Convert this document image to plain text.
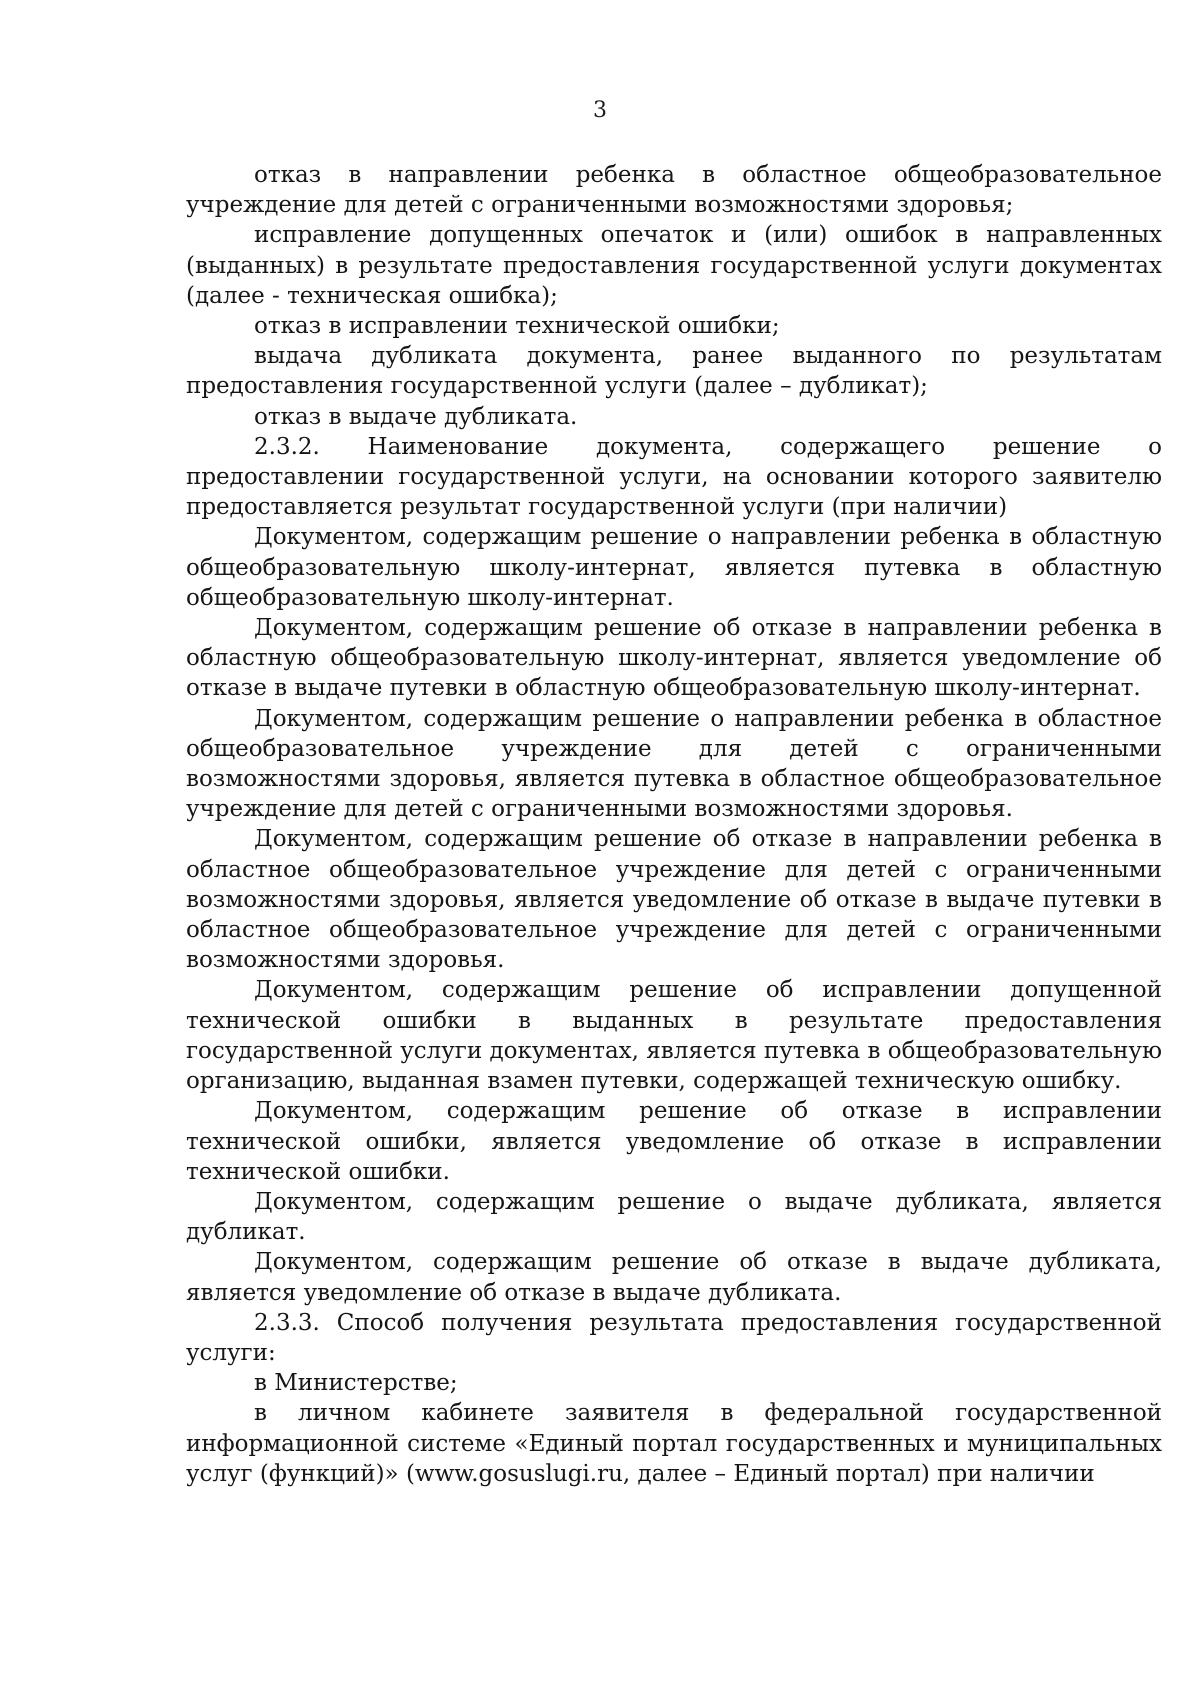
3

отказ в направлении ребенка в областное общеобразовательное учреждение для детей с ограниченными возможностями здоровья;

исправление допущенных опечаток и (или) ошибок в направленных (выданных) в результате предоставления государственной услуги документах (далее - техническая ошибка);

отказ в исправлении технической ошибки;

выдача дубликата документа, ранее выданного по результатам предоставления государственной услуги (далее – дубликат);

отказ в выдаче дубликата.

2.3.2. Наименование документа, содержащего решение о предоставлении государственной услуги, на основании которого заявителю предоставляется результат государственной услуги (при наличии)

Документом, содержащим решение о направлении ребенка в областную общеобразовательную школу-интернат, является путевка в областную общеобразовательную школу-интернат.

Документом, содержащим решение об отказе в направлении ребенка в областную общеобразовательную школу-интернат, является уведомление об отказе в выдаче путевки в областную общеобразовательную школу-интернат.

Документом, содержащим решение о направлении ребенка в областное общеобразовательное учреждение для детей с ограниченными возможностями здоровья, является путевка в областное общеобразовательное учреждение для детей с ограниченными возможностями здоровья.

Документом, содержащим решение об отказе в направлении ребенка в областное общеобразовательное учреждение для детей с ограниченными возможностями здоровья, является уведомление об отказе в выдаче путевки в областное общеобразовательное учреждение для детей с ограниченными возможностями здоровья.

Документом, содержащим решение об исправлении допущенной технической ошибки в выданных в результате предоставления государственной услуги документах, является путевка в общеобразовательную организацию, выданная взамен путевки, содержащей техническую ошибку.

Документом, содержащим решение об отказе в исправлении технической ошибки, является уведомление об отказе в исправлении технической ошибки.

Документом, содержащим решение о выдаче дубликата, является дубликат.

Документом, содержащим решение об отказе в выдаче дубликата, является уведомление об отказе в выдаче дубликата.

2.3.3. Способ получения результата предоставления государственной услуги:

в Министерстве;

в личном кабинете заявителя в федеральной государственной информационной системе «Единый портал государственных и муниципальных услуг (функций)» (www.gosuslugi.ru, далее – Единый портал) при наличии
